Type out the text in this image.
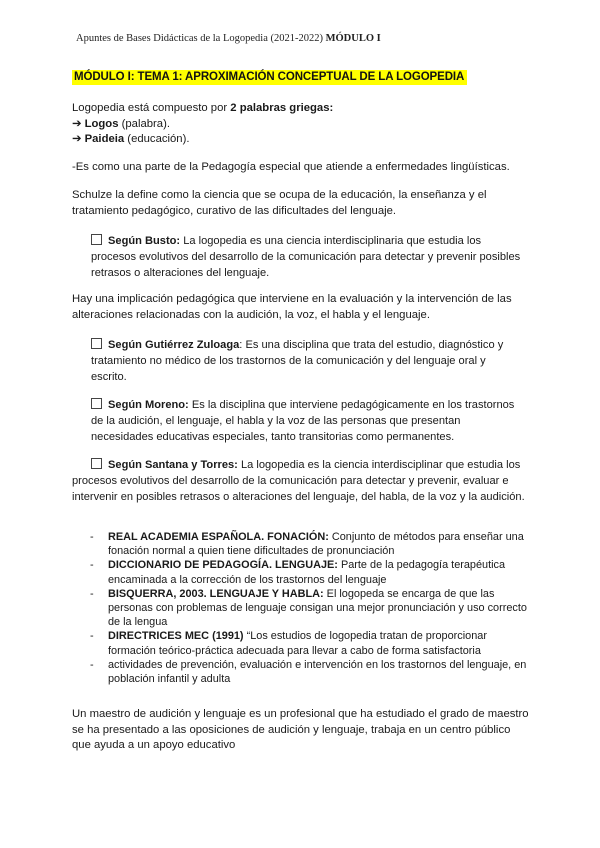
Apuntes de Bases Didácticas de la Logopedia (2021-2022) MÓDULO I
MÓDULO I: TEMA 1: APROXIMACIÓN CONCEPTUAL DE LA LOGOPEDIA
Logopedia está compuesto por 2 palabras griegas:
➔ Logos (palabra).
➔ Paideia (educación).
-Es como una parte de la Pedagogía especial que atiende a enfermedades lingüísticas.
Schulze la define como la ciencia que se ocupa de la educación, la enseñanza y el tratamiento pedagógico, curativo de las dificultades del lenguaje.
Según Busto: La logopedia es una ciencia interdisciplinaria que estudia los procesos evolutivos del desarrollo de la comunicación para detectar y prevenir posibles retrasos o alteraciones del lenguaje.
Hay una implicación pedagógica que interviene en la evaluación y la intervención de las alteraciones relacionadas con la audición, la voz, el habla y el lenguaje.
Según Gutiérrez Zuloaga: Es una disciplina que trata del estudio, diagnóstico y tratamiento no médico de los trastornos de la comunicación y del lenguaje oral y escrito.
Según Moreno: Es la disciplina que interviene pedagógicamente en los trastornos de la audición, el lenguaje, el habla y la voz de las personas que presentan necesidades educativas especiales, tanto transitorias como permanentes.
Según Santana y Torres: La logopedia es la ciencia interdisciplinar que estudia los procesos evolutivos del desarrollo de la comunicación para detectar y prevenir, evaluar e intervenir en posibles retrasos o alteraciones del lenguaje, del habla, de la voz y la audición.
- REAL ACADEMIA ESPAÑOLA. FONACIÓN: Conjunto de métodos para enseñar una fonación normal a quien tiene dificultades de pronunciación
- DICCIONARIO DE PEDAGOGÍA. LENGUAJE: Parte de la pedagogía terapéutica encaminada a la corrección de los trastornos del lenguaje
- BISQUERRA, 2003. LENGUAJE Y HABLA: El logopeda se encarga de que las personas con problemas de lenguaje consigan una mejor pronunciación y uso correcto de la lengua
- DIRECTRICES MEC (1991) “Los estudios de logopedia tratan de proporcionar formación teórico-práctica adecuada para llevar a cabo de forma satisfactoria
- actividades de prevención, evaluación e intervención en los trastornos del lenguaje, en población infantil y adulta
Un maestro de audición y lenguaje es un profesional que ha estudiado el grado de maestro se ha presentado a las oposiciones de audición y lenguaje, trabaja en un centro público que ayuda a un apoyo educativo
